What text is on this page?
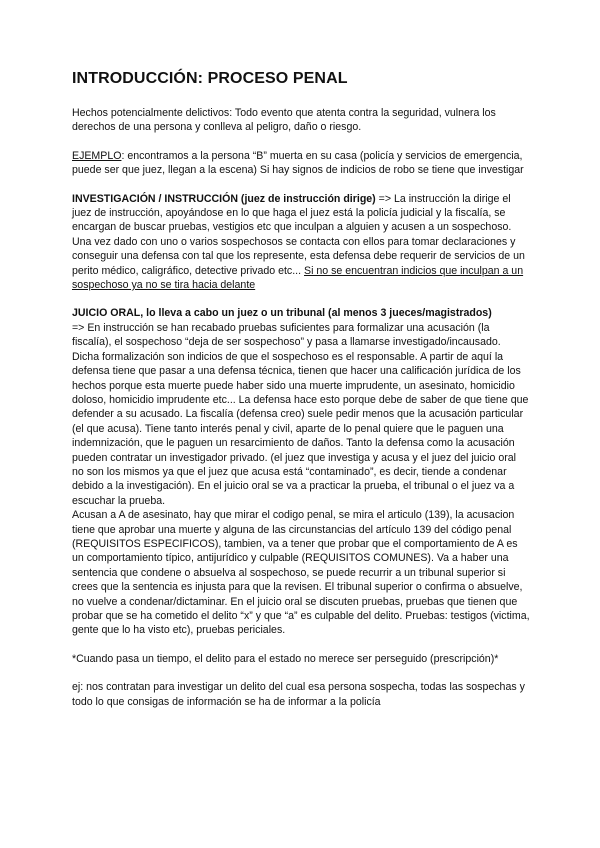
INTRODUCCIÓN: PROCESO PENAL

Hechos potencialmente delictivos: Todo evento que atenta contra la seguridad, vulnera los derechos de una persona y conlleva al peligro, daño o riesgo.

EJEMPLO: encontramos a la persona “B” muerta en su casa (policía y servicios de emergencia, puede ser que juez, llegan a la escena) Si hay signos de indicios de robo se tiene que investigar

INVESTIGACIÓN / INSTRUCCIÓN (juez de instrucción dirige) => La instrucción la dirige el juez de instrucción, apoyándose en lo que haga el juez está la policía judicial y la fiscalía, se encargan de buscar pruebas, vestigios etc que inculpan a alguien y acusen a un sospechoso. Una vez dado con uno o varios sospechosos se contacta con ellos para tomar declaraciones y conseguir una defensa con tal que los represente, esta defensa debe requerir de servicios de un perito médico, caligráfico, detective privado etc... Si no se encuentran indicios que inculpan a un sospechoso ya no se tira hacia delante

JUICIO ORAL, lo lleva a cabo un juez o un tribunal (al menos 3 jueces/magistrados)

=> En instrucción se han recabado pruebas suficientes para formalizar una acusación (la fiscalía), el sospechoso “deja de ser sospechoso” y pasa a llamarse investigado/incausado. Dicha formalización son indicios de que el sospechoso es el responsable. A partir de aquí la defensa tiene que pasar a una defensa técnica, tienen que hacer una calificación jurídica de los hechos porque esta muerte puede haber sido una muerte imprudente, un asesinato, homicidio doloso, homicidio imprudente etc... La defensa hace esto porque debe de saber de que tiene que defender a su acusado. La fiscalía (defensa creo) suele pedir menos que la acusación particular (el que acusa). Tiene tanto interés penal y civil, aparte de lo penal quiere que le paguen una indemnización, que le paguen un resarcimiento de daños. Tanto la defensa como la acusación pueden contratar un investigador privado. (el juez que investiga y acusa y el juez del juicio oral no son los mismos ya que el juez que acusa está “contaminado”, es decir, tiende a condenar debido a la investigación). En el juicio oral se va a practicar la prueba, el tribunal o el juez va a escuchar la prueba.

Acusan a A de asesinato, hay que mirar el codigo penal, se mira el articulo (139), la acusacion tiene que aprobar una muerte y alguna de las circunstancias del artículo 139 del código penal (REQUISITOS ESPECIFICOS), tambien, va a tener que probar que el comportamiento de A es un comportamiento típico, antijurídico y culpable (REQUISITOS COMUNES). Va a haber una sentencia que condene o absuelva al sospechoso, se puede recurrir a un tribunal superior si crees que la sentencia es injusta para que la revisen. El tribunal superior o confirma o absuelve, no vuelve a condenar/dictaminar. En el juicio oral se discuten pruebas, pruebas que tienen que probar que se ha cometido el delito “x” y que “a” es culpable del delito. Pruebas: testigos (victima, gente que lo ha visto etc), pruebas periciales.

*Cuando pasa un tiempo, el delito para el estado no merece ser perseguido (prescripción)*

ej: nos contratan para investigar un delito del cual esa persona sospecha, todas las sospechas y todo lo que consigas de información se ha de informar a la policía
